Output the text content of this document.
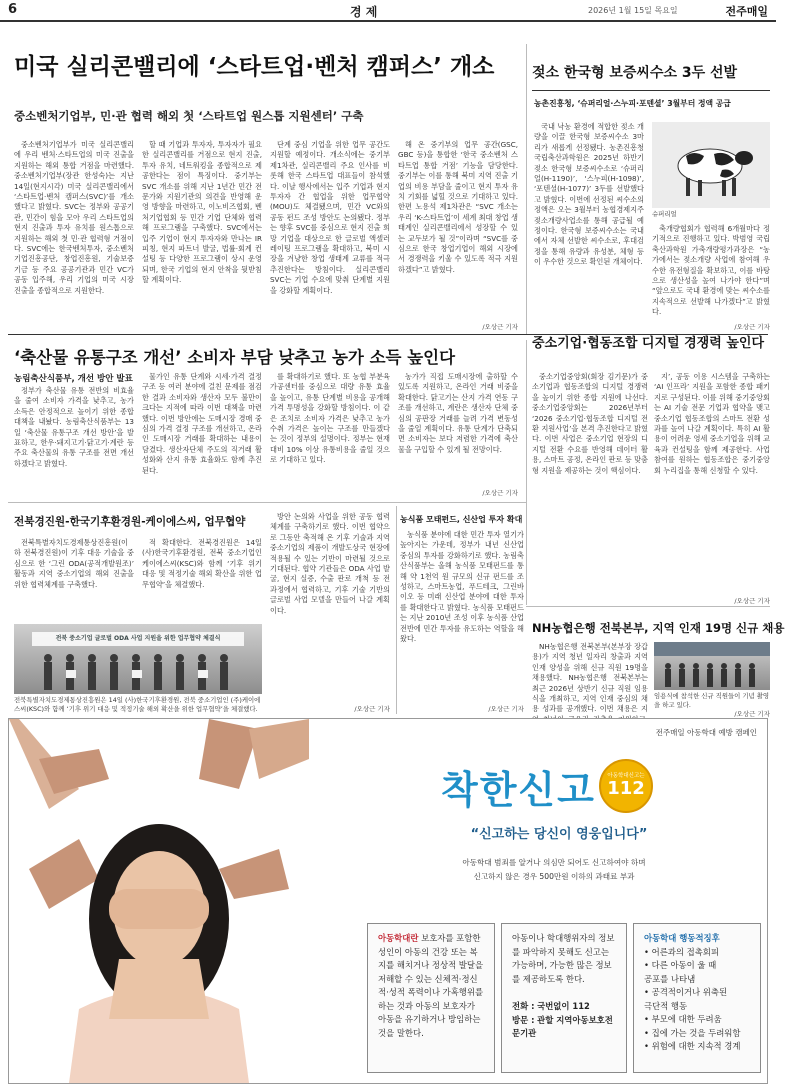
6	경 제	2026년 1월 15일 목요일	전주매일
미국 실리콘밸리에 ‘스타트업·벤처 캠퍼스’ 개소
중소벤처기업부, 민·관 협력 해외 첫 ‘스타트업 원스톱 지원센터’ 구축

중소벤처기업부가 미국 실리콘밸리에 우리 벤처·스타트업의 미국 진출을 지원하는 해외 통합 거점을 마련했다. 중소벤처기업부(장관 한성숙)는 지난 14일(현지시각) 미국 실리콘밸리에서 ‘스타트업·벤처 캠퍼스(SVC)’를 개소했다고 밝혔다. SVC는 정부와 공공기관, 민간이 힘을 모아 우리 스타트업의 현지 진출과 투자 유치를 원스톱으로 지원하는 해외 첫 민·관 협력형 거점이다. SVC에는 한국벤처투자, 중소벤처기업진흥공단, 창업진흥원, 기술보증기금 등 주요 공공기관과 민간 VC가 공동 입주해, 우리 기업의 미국 시장 진출을 종합적으로 지원한다.

할 때 기업과 투자자, 투자자가 필요한 실리콘밸리를 거점으로 현지 진출, 투자 유치, 네트워킹을 종합적으로 제공한다는 점이 특징이다. 중기부는 SVC 개소를 위해 지난 1년간 민간 전문가와 지원기관의 의견을 반영해 운영 방향을 마련하고, 이노비즈협회, 벤처기업협회 등 민간 기업 단체와 협력해 프로그램을 구축했다. SVC에서는 입주 기업이 현지 투자자와 만나는 IR 피칭, 현지 파트너 발굴, 법률·회계 컨설팅 등 다양한 프로그램이 상시 운영되며, 한국 기업의 현지 안착을 뒷받침할 계획이다.

단계 중심 기업을 위한 업무 공간도 지원할 예정이다. 개소식에는 중기부 제1차관, 실리콘밸리 주요 인사를 비롯해 한국 스타트업 대표들이 참석했다. 이날 행사에서는 입주 기업과 현지 투자자 간 협업을 위한 업무협약(MOU)도 체결됐으며, 민간 VC와의 공동 펀드 조성 방안도 논의됐다. 정부는 향후 SVC를 중심으로 현지 진출 희망 기업을 대상으로 한 글로벌 액셀러레이팅 프로그램을 확대하고, 북미 시장을 겨냥한 창업 생태계 교류를 적극 추진한다는 방침이다. 실리콘밸리 SVC는 기업 수요에 맞춰 단계별 지원을 강화할 계획이다.

해 온 중기부의 업무 공간(GSC, GBC 등)을 통합한 ‘한국 중소벤처 스타트업 통합 거점’ 기능을 담당한다. 중기부는 이를 통해 북미 지역 진출 기업의 비용 부담을 줄이고 현지 투자 유치 기회를 넓힐 것으로 기대하고 있다. 한편 노용석 제1차관은 “SVC 개소는 우리 ‘K-스타트업’이 세계 최대 창업 생태계인 실리콘밸리에서 성장할 수 있는 교두보가 될 것”이라며 “SVC를 중심으로 한국 창업기업이 해외 시장에서 경쟁력을 키울 수 있도록 적극 지원하겠다”고 밝혔다.

/오상근 기자
젖소 한국형 보증씨수소 3두 선발
농촌진흥청, ‘슈퍼리얼·스누피·포텐셜’ 3월부터 정액 공급

국내 낙농 환경에 적합한 젖소 개량을 이끌 한국형 보증씨수소 3마리가 새롭게 선정됐다. 농촌진흥청 국립축산과학원은 2025년 하반기 젖소 한국형 보증씨수소로 ‘슈퍼리얼(H-1190)’, ‘스누피(H-1098)’, ‘포텐셜(H-1077)’ 3두를 선발했다고 밝혔다. 이번에 선정된 씨수소의 정액은 오는 3월부터 농협경제지주 젖소개량사업소를 통해 공급될 예정이다. 한국형 보증씨수소는 국내에서 자체 선발한 씨수소로, 후대검정을 통해 유량과 유성분, 체형 등이 우수한 것으로 확인된 개체이다.

슈퍼리얼

축개량협회가 협력해 6개월마다 정기적으로 진행하고 있다. 박범영 국립축산과학원 가축개량평가과장은 “농가에서는 젖소개량 사업에 참여해 우수한 유전형질을 확보하고, 이를 바탕으로 생산성을 높여 나가야 한다”며 “앞으로도 국내 환경에 맞는 씨수소를 지속적으로 선발해 나가겠다”고 밝혔다.

/오상근 기자
‘축산물 유통구조 개선’ 소비자 부담 낮추고 농가 소득 높인다
농림축산식품부, 개선 방안 발표

정부가 축산물 유통 전반의 비효율을 줄여 소비자 가격을 낮추고, 농가 소득은 안정적으로 높이기 위한 종합 대책을 내놨다. 농림축산식품부는 13일 ‘축산물 유통구조 개선 방안’을 발표하고, 한우·돼지고기·닭고기·계란 등 주요 축산물의 유통 구조를 전면 개선하겠다고 밝혔다.

물가인 유통 단계와 시세·가격 결정 구조 등 여러 분야에 걸친 문제를 점검한 결과 소비자와 생산자 모두 불만이 크다는 지적에 따라 이번 대책을 마련했다. 이번 방안에는 도매시장 경매 중심의 가격 결정 구조를 개선하고, 온라인 도매시장 거래를 확대하는 내용이 담겼다. 생산자단체 주도의 직거래 활성화와 산지 유통 효율화도 함께 추진된다.

를 확대하기로 했다. 또 농협 부분육 가공센터를 중심으로 대량 유통 효율을 높이고, 유통 단계별 비용을 공개해 가격 투명성을 강화할 방침이다. 이 같은 조치로 소비자 가격은 낮추고 농가 수취 가격은 높이는 구조를 만들겠다는 것이 정부의 설명이다. 정부는 현재 대비 10% 이상 유통비용을 줄일 것으로 기대하고 있다.

농가가 직접 도매시장에 출하할 수 있도록 지원하고, 온라인 거래 비중을 확대한다. 닭고기는 산지 가격 연동 구조를 개선하고, 계란은 생산자 단체 중심의 공판장 거래를 늘려 가격 변동성을 줄일 계획이다. 유통 단계가 단축되면 소비자는 보다 저렴한 가격에 축산물을 구입할 수 있게 될 전망이다.

/오상근 기자
중소기업·협동조합 디지털 경쟁력 높인다

중소기업중앙회(회장 김기문)가 중소기업과 협동조합의 디지털 경쟁력을 높이기 위한 종합 지원에 나선다. 중소기업중앙회는 2026년부터 ‘2026 중소기업·협동조합 디지털 전환 지원사업’을 본격 추진한다고 밝혔다. 이번 사업은 중소기업 현장의 디지털 전환 수요를 반영해 데이터 활용, 스마트 공정, 온라인 판로 등 맞춤형 지원을 제공하는 것이 핵심이다.

지’, 공동 이용 시스템을 구축하는 ‘AI 인프라’ 지원을 포함한 종합 패키지로 구성된다. 이를 위해 중기중앙회는 AI 기술 전문 기업과 협약을 맺고 중소기업 협동조합의 스마트 전환 성과를 높여 나갈 계획이다. 특히 AI 활용이 어려운 영세 중소기업을 위해 교육과 컨설팅을 함께 제공한다. 사업 참여를 원하는 협동조합은 중기중앙회 누리집을 통해 신청할 수 있다.

/오상근 기자
전북경진원-한국기후환경원-케이에스씨, 업무협약

전북특별자치도경제통상진흥원(이하 전북경진원)이 기후 대응 기술을 중심으로 한 ‘그린 ODA(공적개발원조)’ 활동과 지역 중소기업의 해외 진출을 위한 협력체계를 구축했다.

적 확대한다. 전북경진원은 14일 (사)한국기후환경원, 전북 중소기업인 케이에스씨(KSC)와 함께 ‘기후 위기 대응 및 적정기술 해외 확산을 위한 업무협약’을 체결했다.

방안 논의와 사업을 위한 공동 협력 체계를 구축하기로 했다. 이번 협약으로 그동안 축적해 온 기후 기술과 지역 중소기업의 제품이 개발도상국 현장에 적용될 수 있는 기반이 마련될 것으로 기대된다. 협약 기관들은 ODA 사업 발굴, 현지 실증, 수출 판로 개척 등 전 과정에서 협력하고, 기후 기술 기반의 글로벌 사업 모델을 만들어 나갈 계획이다.

/오상근 기자
전북 중소기업 글로벌 ODA 사업 지원을 위한 업무협약 체결식
전북특별자치도경제통상진흥원은 14일 (사)한국기후환경원, 전북 중소기업인 (주)케이에스씨(KSC)와 함께 ‘기후 위기 대응 및 적정기술 해외 확산을 위한 업무협약’을 체결했다.
농식품 모태펀드, 신산업 투자 확대

농식품 분야에 대한 민간 투자 열기가 높아지는 가운데, 정부가 내년 신산업 중심의 투자를 강화하기로 했다. 농림축산식품부는 올해 농식품 모태펀드를 통해 약 1천억 원 규모의 신규 펀드를 조성하고, 스마트농업, 푸드테크, 그린바이오 등 미래 신산업 분야에 대한 투자를 확대한다고 밝혔다. 농식품 모태펀드는 지난 2010년 조성 이후 농식품 산업 전반에 민간 투자를 유도하는 역할을 해왔다.

/오상근 기자
NH농협은행 전북본부, 지역 인재 19명 신규 채용

NH농협은행 전북본부(본부장 장갑용)가 지역 청년 일자리 창출과 지역 인재 양성을 위해 신규 직원 19명을 채용했다. NH농협은행 전북본부는 최근 2026년 상반기 신규 직원 임용식을 개최하고, 지역 인재 중심의 채용 성과를 공개했다. 이번 채용은 지

임용식에 참석한 신규 직원들이 기념 촬영을 하고 있다.
/오상근 기자
전주매일 아동학대 예방 캠페인
착한신고	아동학대신고는
112
“신고하는 당신이 영웅입니다”
아동학대 범죄를 알거나 의심만 되어도 신고하여야 하며
신고하지 않은 경우 500만원 이하의 과태료 부과
아동학대란 보호자를 포함한 성인이 아동의 건강 또는 복지를 해치거나 정상적 발달을 저해할 수 있는 신체적·정신적·성적 폭력이나 가혹행위를 하는 것과 아동의 보호자가 아동을 유기하거나 방임하는 것을 말한다.
아동이나 학대행위자의 정보를 파악하지 못해도 신고는 가능하며, 가능한 많은 정보를 제공하도록 한다.
전화 : 국번없이 112
방문 : 관할 지역아동보호전문기관
아동학대 행동적징후
• 어른과의 접촉회피
• 다른 아동이 울 때
공포를 나타냄
• 공격적이거나 위축된
극단적 행동
• 부모에 대한 두려움
• 집에 가는 것을 두려워함
• 위험에 대한 지속적 경계
